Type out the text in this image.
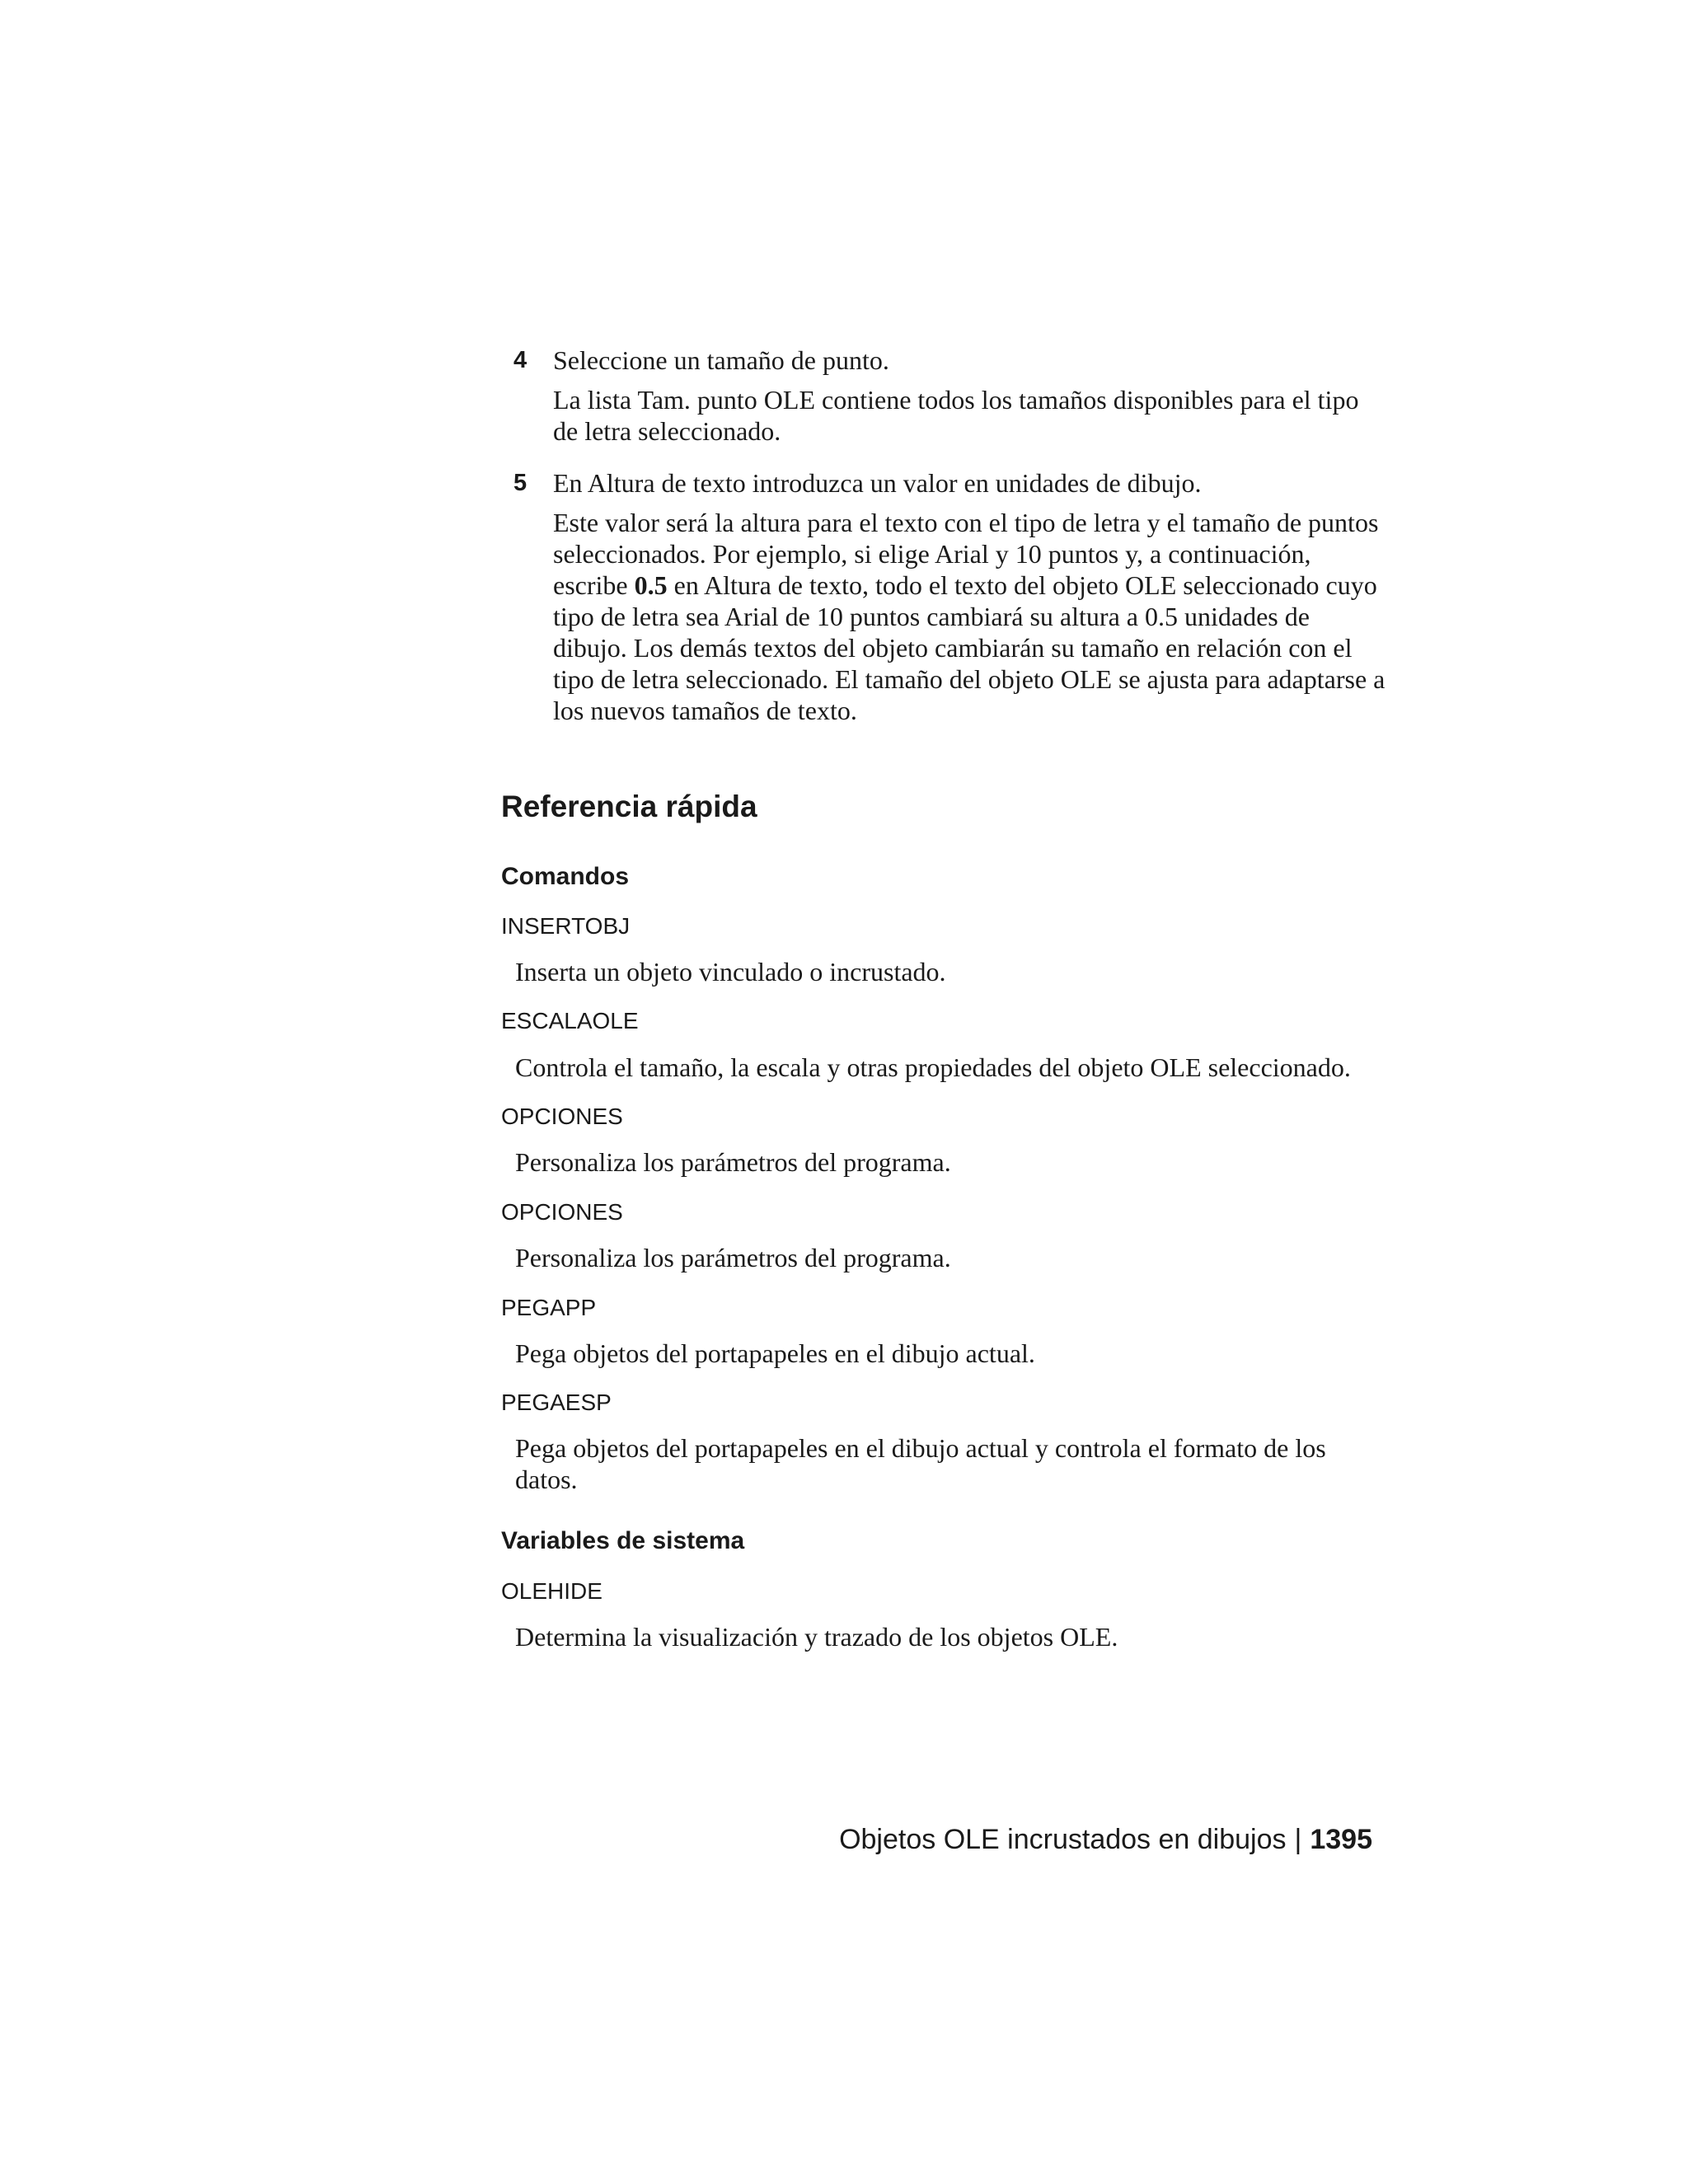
4 Seleccione un tamaño de punto.
La lista Tam. punto OLE contiene todos los tamaños disponibles para el tipo de letra seleccionado.
5 En Altura de texto introduzca un valor en unidades de dibujo.
Este valor será la altura para el texto con el tipo de letra y el tamaño de puntos seleccionados. Por ejemplo, si elige Arial y 10 puntos y, a continuación, escribe 0.5 en Altura de texto, todo el texto del objeto OLE seleccionado cuyo tipo de letra sea Arial de 10 puntos cambiará su altura a 0.5 unidades de dibujo. Los demás textos del objeto cambiarán su tamaño en relación con el tipo de letra seleccionado. El tamaño del objeto OLE se ajusta para adaptarse a los nuevos tamaños de texto.
Referencia rápida
Comandos
INSERTOBJ
Inserta un objeto vinculado o incrustado.
ESCALAOLE
Controla el tamaño, la escala y otras propiedades del objeto OLE seleccionado.
OPCIONES
Personaliza los parámetros del programa.
OPCIONES
Personaliza los parámetros del programa.
PEGAPP
Pega objetos del portapapeles en el dibujo actual.
PEGAESP
Pega objetos del portapapeles en el dibujo actual y controla el formato de los datos.
Variables de sistema
OLEHIDE
Determina la visualización y trazado de los objetos OLE.
Objetos OLE incrustados en dibujos | 1395
